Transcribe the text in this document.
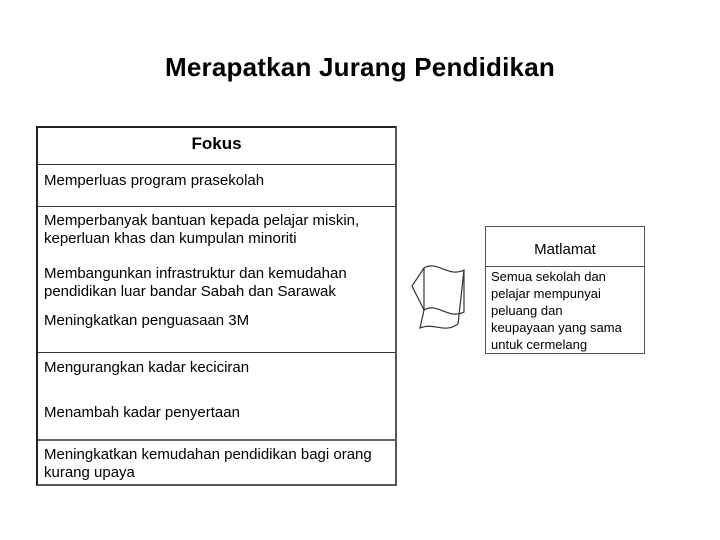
Merapatkan Jurang Pendidikan
Fokus
Memperluas program prasekolah
Memperbanyak bantuan kepada pelajar miskin,
keperluan khas dan kumpulan minoriti
Membangunkan infrastruktur dan kemudahan
pendidikan luar bandar Sabah dan Sarawak
Meningkatkan penguasaan 3M
Mengurangkan kadar keciciran
Menambah kadar penyertaan
Meningkatkan kemudahan pendidikan bagi orang
kurang upaya
Matlamat
Semua sekolah dan
pelajar mempunyai
peluang dan
keupayaan yang sama
untuk cermelang
